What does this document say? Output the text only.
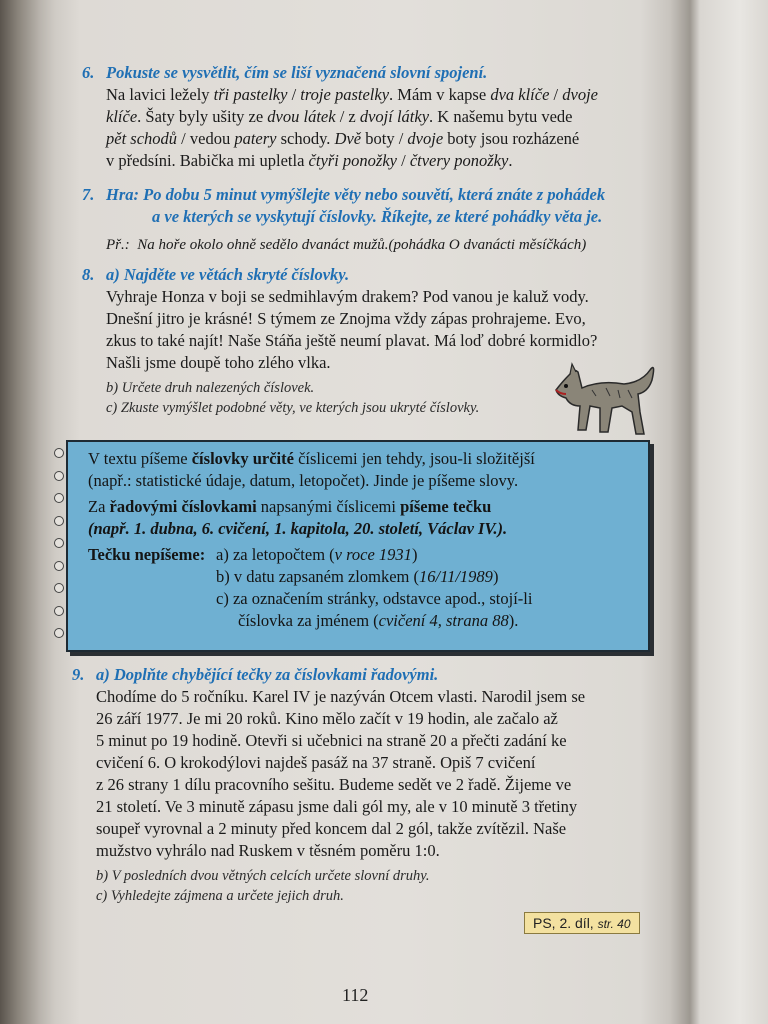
6. Pokuste se vysvětlit, čím se liší vyznačená slovní spojení.
Na lavici ležely tři pastelky / troje pastelky. Mám v kapse dva klíče / dvoje
klíče. Šaty byly ušity ze dvou látek / z dvojí látky. K našemu bytu vede
pět schodů / vedou patery schody. Dvě boty / dvoje boty jsou rozházené
v předsíni. Babička mi upletla čtyři ponožky / čtvery ponožky.
7. Hra: Po dobu 5 minut vymýšlejte věty nebo souvětí, která znáte z pohádek
a ve kterých se vyskytují číslovky. Říkejte, ze které pohádky věta je.
Př.: Na hoře okolo ohně sedělo dvanáct mužů.(pohádka O dvanácti měsíčkách)
8. a) Najděte ve větách skryté číslovky.
Vyhraje Honza v boji se sedmihlavým drakem? Pod vanou je kaluž vody.
Dnešní jitro je krásné! S týmem ze Znojma vždy zápas prohrajeme. Evo,
zkus to také najít! Naše Stáňa ještě neumí plavat. Má loď dobré kormidlo?
Našli jsme doupě toho zlého vlka.
b) Určete druh nalezených číslovek.
c) Zkuste vymýšlet podobné věty, ve kterých jsou ukryté číslovky.
V textu píšeme číslovky určité číslicemi jen tehdy, jsou-li složitější
(např.: statistické údaje, datum, letopočet). Jinde je píšeme slovy.
Za řadovými číslovkami napsanými číslicemi píšeme tečku
(např. 1. dubna, 6. cvičení, 1. kapitola, 20. století, Václav IV.).
Tečku nepíšeme: a) za letopočtem (v roce 1931)
b) v datu zapsaném zlomkem (16/11/1989)
c) za označením stránky, odstavce apod., stojí-li
číslovka za jménem (cvičení 4, strana 88).
9. a) Doplňte chybějící tečky za číslovkami řadovými.
Chodíme do 5 ročníku. Karel IV je nazýván Otcem vlasti. Narodil jsem se
26 září 1977. Je mi 20 roků. Kino mělo začít v 19 hodin, ale začalo až
5 minut po 19 hodině. Otevři si učebnici na straně 20 a přečti zadání ke
cvičení 6. O krokodýlovi najdeš pasáž na 37 straně. Opiš 7 cvičení
z 26 strany 1 dílu pracovního sešitu. Budeme sedět ve 2 řadě. Žijeme ve
21 století. Ve 3 minutě zápasu jsme dali gól my, ale v 10 minutě 3 třetiny
soupeř vyrovnal a 2 minuty před koncem dal 2 gól, takže zvítězil. Naše
mužstvo vyhrálo nad Ruskem v těsném poměru 1:0.
b) V posledních dvou větných celcích určete slovní druhy.
c) Vyhledejte zájmena a určete jejich druh.
PS, 2. díl, str. 40
112
